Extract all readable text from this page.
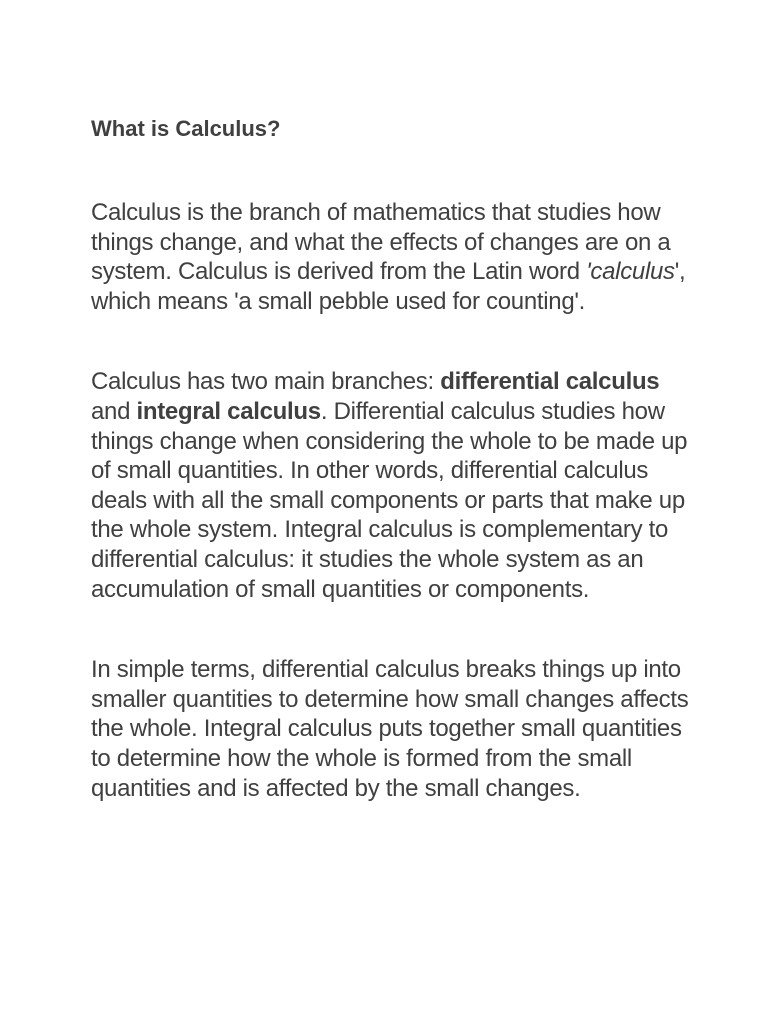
What is Calculus?

Calculus is the branch of mathematics that studies how things change, and what the effects of changes are on a system. Calculus is derived from the Latin word 'calculus', which means 'a small pebble used for counting'.

Calculus has two main branches: differential calculus and integral calculus. Differential calculus studies how things change when considering the whole to be made up of small quantities. In other words, differential calculus deals with all the small components or parts that make up the whole system. Integral calculus is complementary to differential calculus: it studies the whole system as an accumulation of small quantities or components.

In simple terms, differential calculus breaks things up into smaller quantities to determine how small changes affects the whole. Integral calculus puts together small quantities to determine how the whole is formed from the small quantities and is affected by the small changes.
